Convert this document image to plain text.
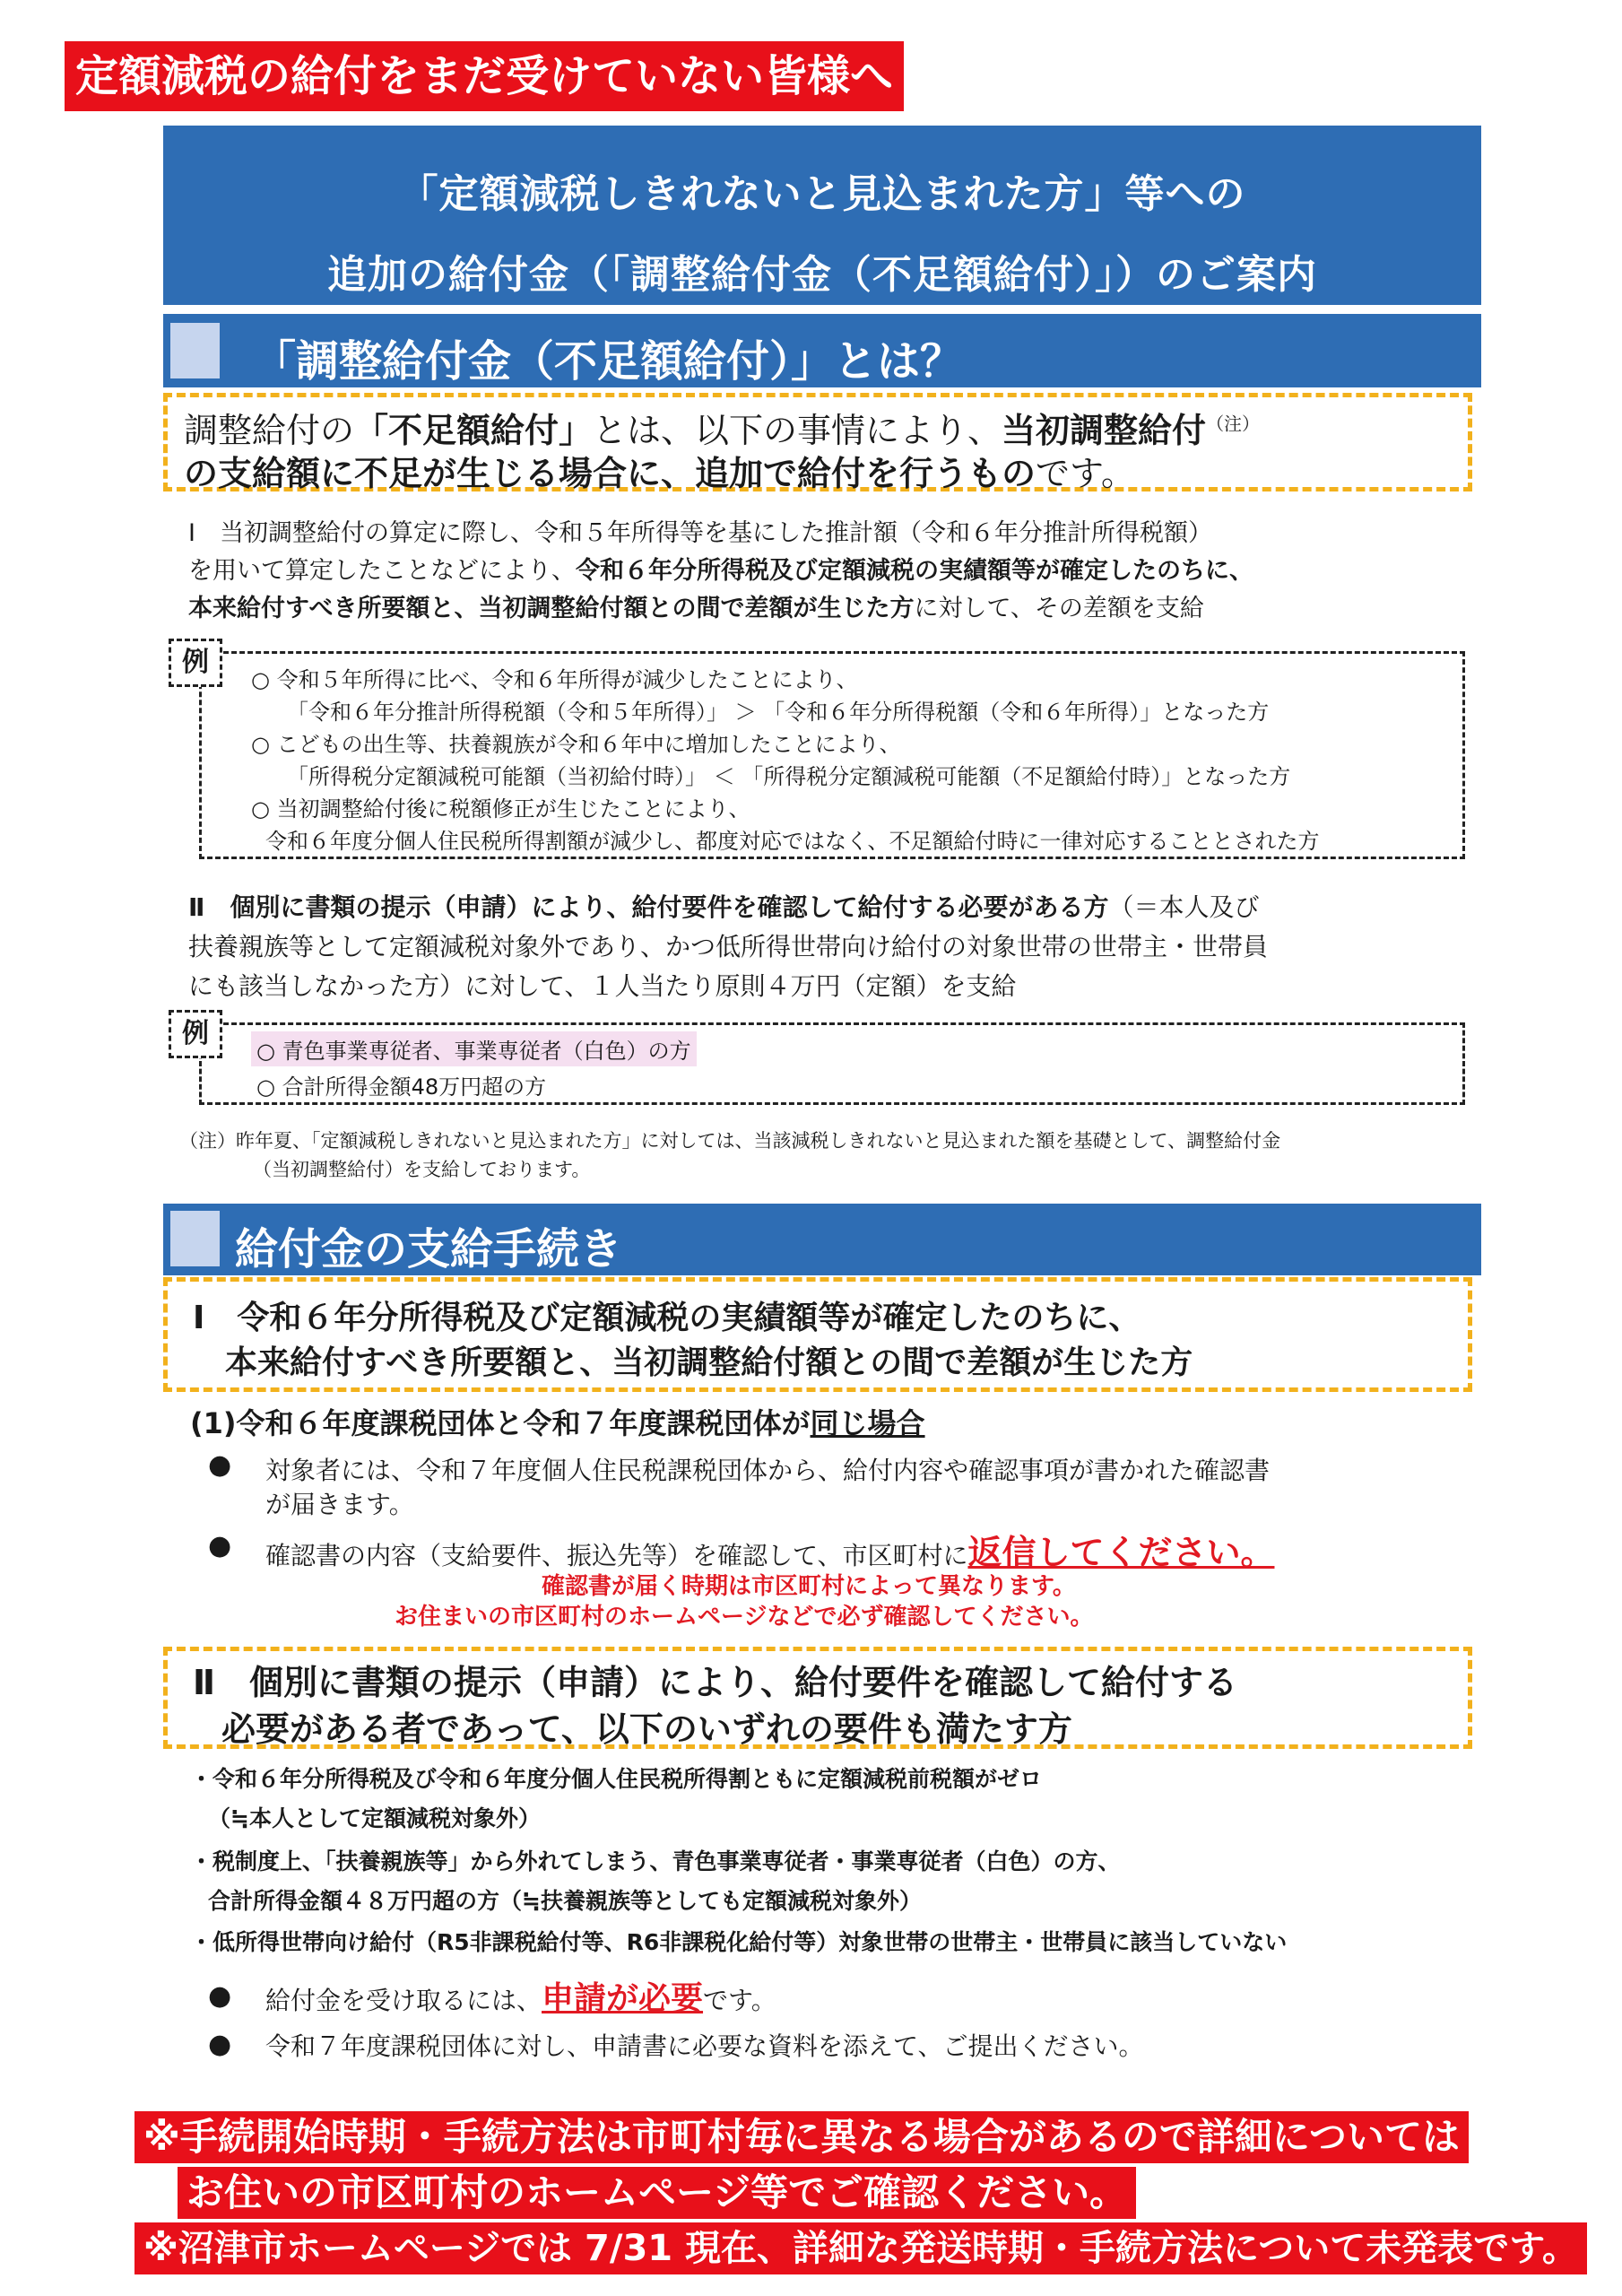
定額減税の給付をまだ受けていない皆様へ
「定額減税しきれないと見込まれた方」等への
追加の給付金（「調整給付金（不足額給付）」）のご案内
「調整給付金（不足額給付）」とは？
調整給付の「不足額給付」とは、以下の事情により、当初調整給付$^{(注)}$
の支給額に不足が生じる場合に、追加で給付を行うものです。
Ⅰ　当初調整給付の算定に際し、令和５年所得等を基にした推計額（令和６年分推計所得税額）
を用いて算定したことなどにより、令和６年分所得税及び定額減税の実績額等が確定したのちに、
本来給付すべき所要額と、当初調整給付額との間で差額が生じた方に対して、その差額を支給
例
○ 令和５年所得に比べ、令和６年所得が減少したことにより、
「令和６年分推計所得税額（令和５年所得）」 ＞ 「令和６年分所得税額（令和６年所得）」となった方
○ こどもの出生等、扶養親族が令和６年中に増加したことにより、
「所得税分定額減税可能額（当初給付時）」 ＜ 「所得税分定額減税可能額（不足額給付時）」となった方
○ 当初調整給付後に税額修正が生じたことにより、
令和６年度分個人住民税所得割額が減少し、都度対応ではなく、不足額給付時に一律対応することとされた方
Ⅱ　個別に書類の提示（申請）により、給付要件を確認して給付する必要がある方（＝本人及び
扶養親族等として定額減税対象外であり、かつ低所得世帯向け給付の対象世帯の世帯主・世帯員
にも該当しなかった方）に対して、１人当たり原則４万円（定額）を支給
例
○ 青色事業専従者、事業専従者（白色）の方
○ 合計所得金額48万円超の方
（注）昨年夏、「定額減税しきれないと見込まれた方」に対しては、当該減税しきれないと見込まれた額を基礎として、調整給付金
（当初調整給付）を支給しております。
給付金の支給手続き
Ⅰ　令和６年分所得税及び定額減税の実績額等が確定したのちに、
本来給付すべき所要額と、当初調整給付額との間で差額が生じた方
(1)令和６年度課税団体と令和７年度課税団体が同じ場合
● 対象者には、令和７年度個人住民税課税団体から、給付内容や確認事項が書かれた確認書
が届きます。
● 確認書の内容（支給要件、振込先等）を確認して、市区町村に返信してください。
確認書が届く時期は市区町村によって異なります。
お住まいの市区町村のホームページなどで必ず確認してください。
Ⅱ　個別に書類の提示（申請）により、給付要件を確認して給付する
必要がある者であって、以下のいずれの要件も満たす方
・令和６年分所得税及び令和６年度分個人住民税所得割ともに定額減税前税額がゼロ
（≒本人として定額減税対象外）
・税制度上、「扶養親族等」から外れてしまう、青色事業専従者・事業専従者（白色）の方、
合計所得金額４８万円超の方（≒扶養親族等としても定額減税対象外）
・低所得世帯向け給付（R5非課税給付等、R6非課税化給付等）対象世帯の世帯主・世帯員に該当していない
● 給付金を受け取るには、申請が必要です。
● 令和７年度課税団体に対し、申請書に必要な資料を添えて、ご提出ください。
※手続開始時期・手続方法は市町村毎に異なる場合があるので詳細については
お住いの市区町村のホームページ等でご確認ください。
※沼津市ホームページでは 7/31 現在、詳細な発送時期・手続方法について未発表です。
